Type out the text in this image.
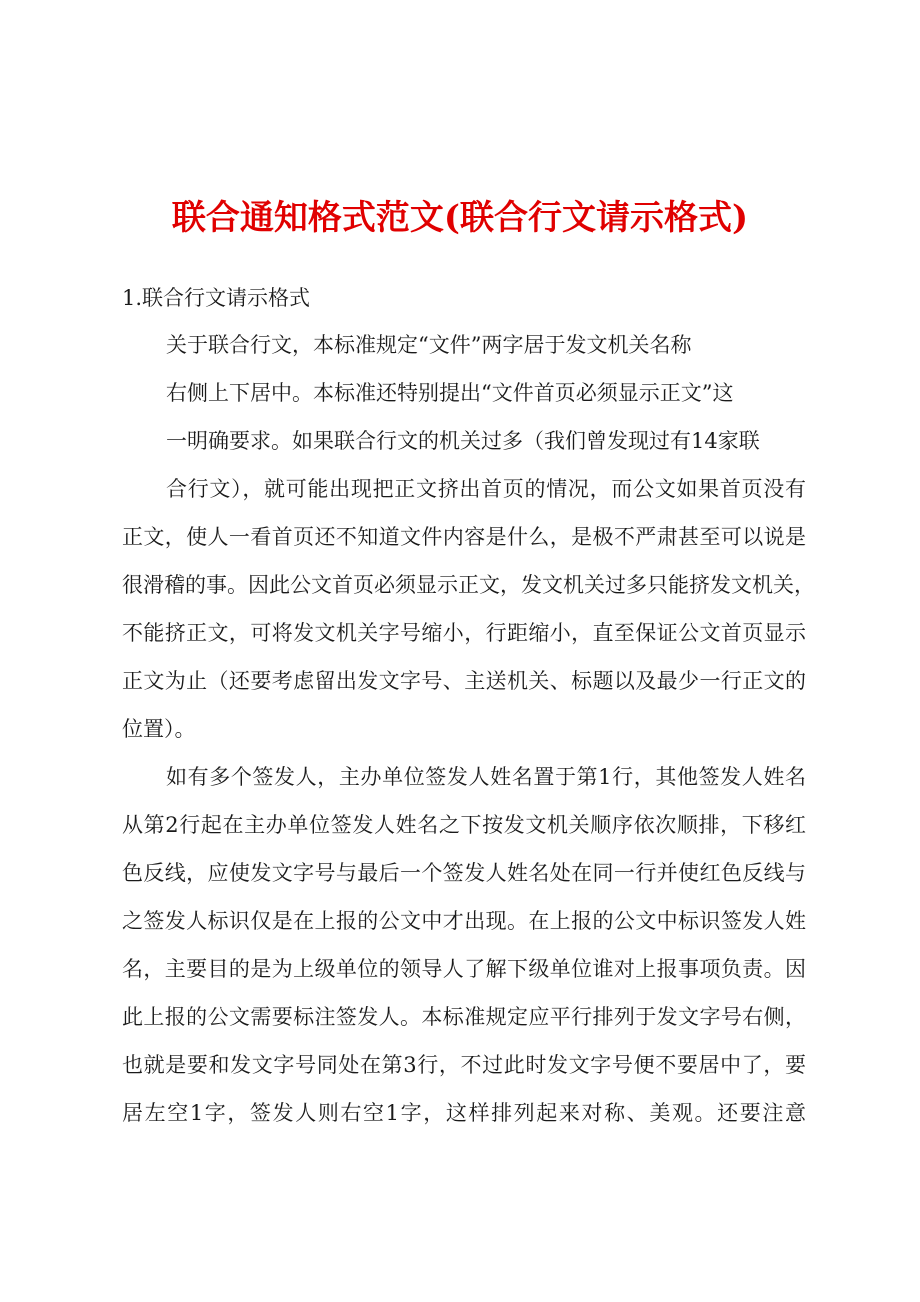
联合通知格式范文(联合行文请示格式)
1.联合行文请示格式
关于联合行文，本标准规定“文件”两字居于发文机关名称
右侧上下居中。本标准还特别提出“文件首页必须显示正文”这
一明确要求。如果联合行文的机关过多（我们曾发现过有14家联
合行文），就可能出现把正文挤出首页的情况，而公文如果首页没有
正文，使人一看首页还不知道文件内容是什么，是极不严肃甚至可以说是
很滑稽的事。因此公文首页必须显示正文，发文机关过多只能挤发文机关，
不能挤正文，可将发文机关字号缩小，行距缩小，直至保证公文首页显示
正文为止（还要考虑留出发文字号、主送机关、标题以及最少一行正文的
位置）。
如有多个签发人，主办单位签发人姓名置于第1行，其他签发人姓名
从第2行起在主办单位签发人姓名之下按发文机关顺序依次顺排，下移红
色反线，应使发文字号与最后一个签发人姓名处在同一行并使红色反线与
之签发人标识仅是在上报的公文中才出现。在上报的公文中标识签发人姓
名，主要目的是为上级单位的领导人了解下级单位谁对上报事项负责。因
此上报的公文需要标注签发人。本标准规定应平行排列于发文字号右侧，
也就是要和发文字号同处在第3行，不过此时发文字号便不要居中了，要
居左空1字，签发人则右空1字，这样排列起来对称、美观。还要注意
